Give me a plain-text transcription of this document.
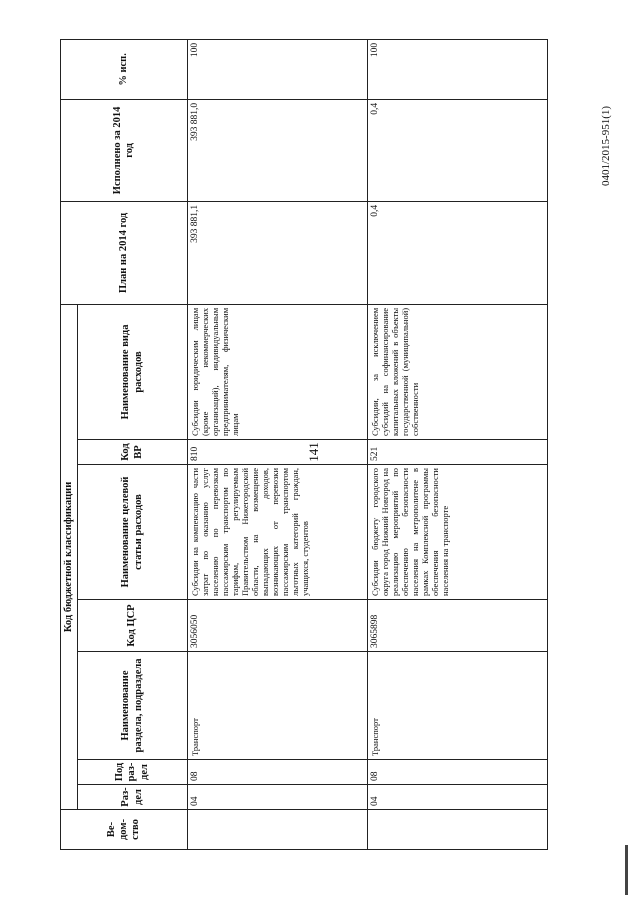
141
0401/2015-951(1)
Ве-дом-ство	Код бюджетной классификации							План на 2014 год	Исполнено за 2014 год	% исп.
	Раз-дел	Под раз-дел	Наименование раздела, подраздела	Код ЦСР	Наименование целевой статьи расходов	Код ВР	Наименование вида расходов			
	04	08	Транспорт	3056050	Субсидии на компенсацию части затрат по оказанию услуг населению по перевозкам пассажирским транспортом по тарифам, регулируемым Правительством Нижегородской области, на возмещение выпадающих доходов, возникающих от перевозки пассажирским транспортом льготных категорий граждан, учащихся, студентов	810	Субсидии юридическим лицам (кроме некоммерческих организаций), индивидуальным предпринимателям, физическим лицам	393 881,1	393 881,0	100
	04	08	Транспорт	3065898	Субсидии бюджету городского округа город Нижний Новгород на реализацию мероприятий по обеспечению безопасности населения на метрополитене в рамках Комплексной программы обеспечения безопасности населения на транспорте	521	Субсидии, за исключением субсидий на софинансирование капитальных вложений в объекты государственной (муниципальной) собственности	0,4	0,4	100
